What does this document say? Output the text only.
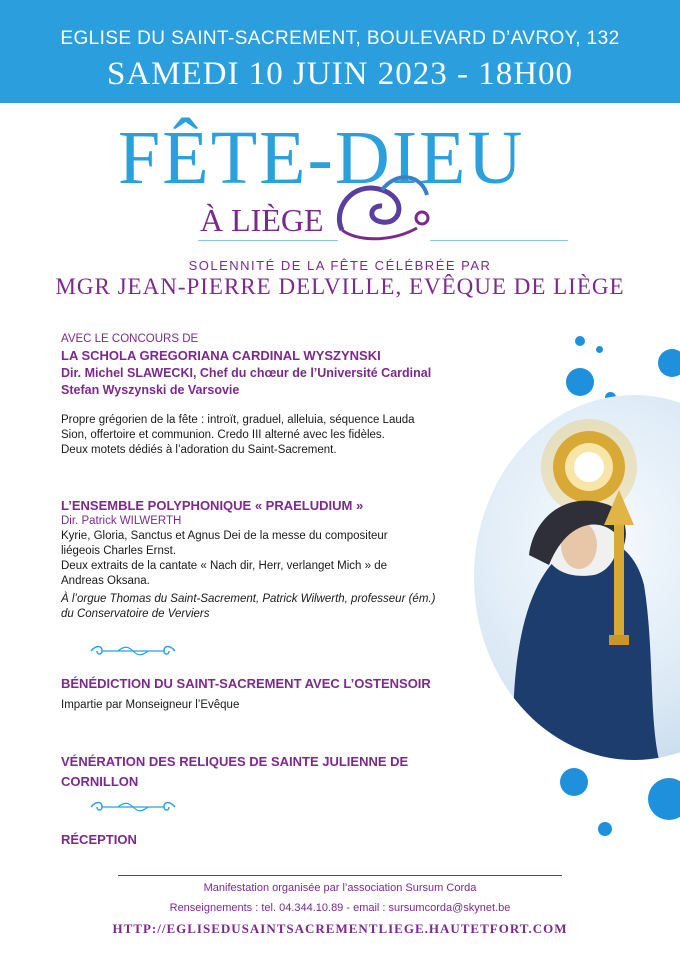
EGLISE DU SAINT-SACREMENT, BOULEVARD D’AVROY, 132
SAMEDI 10 JUIN 2023 - 18H00
FÊTE-DIEU
À LIÈGE
SOLENNITÉ DE LA FÊTE CÉLÉBRÉE PAR
MGR JEAN-PIERRE DELVILLE, EVÊQUE DE LIÈGE
AVEC LE CONCOURS DE
LA SCHOLA GREGORIANA CARDINAL WYSZYNSKI
Dir. Michel SLAWECKI, Chef du chœur de l’Université Cardinal
Stefan Wyszynski de Varsovie
Propre grégorien de la fête : introït, graduel, alleluia, séquence Lauda
Sion, offertoire et communion. Credo III alterné avec les fidèles.
Deux motets dédiés à l’adoration du Saint-Sacrement.
L’ENSEMBLE POLYPHONIQUE « PRAELUDIUM »
Dir. Patrick WILWERTH
Kyrie, Gloria, Sanctus et Agnus Dei de la messe du compositeur
liégeois Charles Ernst.
Deux extraits de la cantate « Nach dir, Herr, verlanget Mich » de
Andreas Oksana.
À l’orgue Thomas du Saint-Sacrement, Patrick Wilwerth, professeur (ém.)
du Conservatoire de Verviers
BÉNÉDICTION DU SAINT-SACREMENT AVEC L’OSTENSOIR
Impartie par Monseigneur l’Evêque
VÉNÉRATION DES RELIQUES DE SAINTE JULIENNE DE
CORNILLON
RÉCEPTION
Manifestation organisée par l’association Sursum Corda
Renseignements : tel. 04.344.10.89 - email : sursumcorda@skynet.be
HTTP://EGLISEDUSAINTSACREMENTLIEGE.HAUTETFORT.COM
